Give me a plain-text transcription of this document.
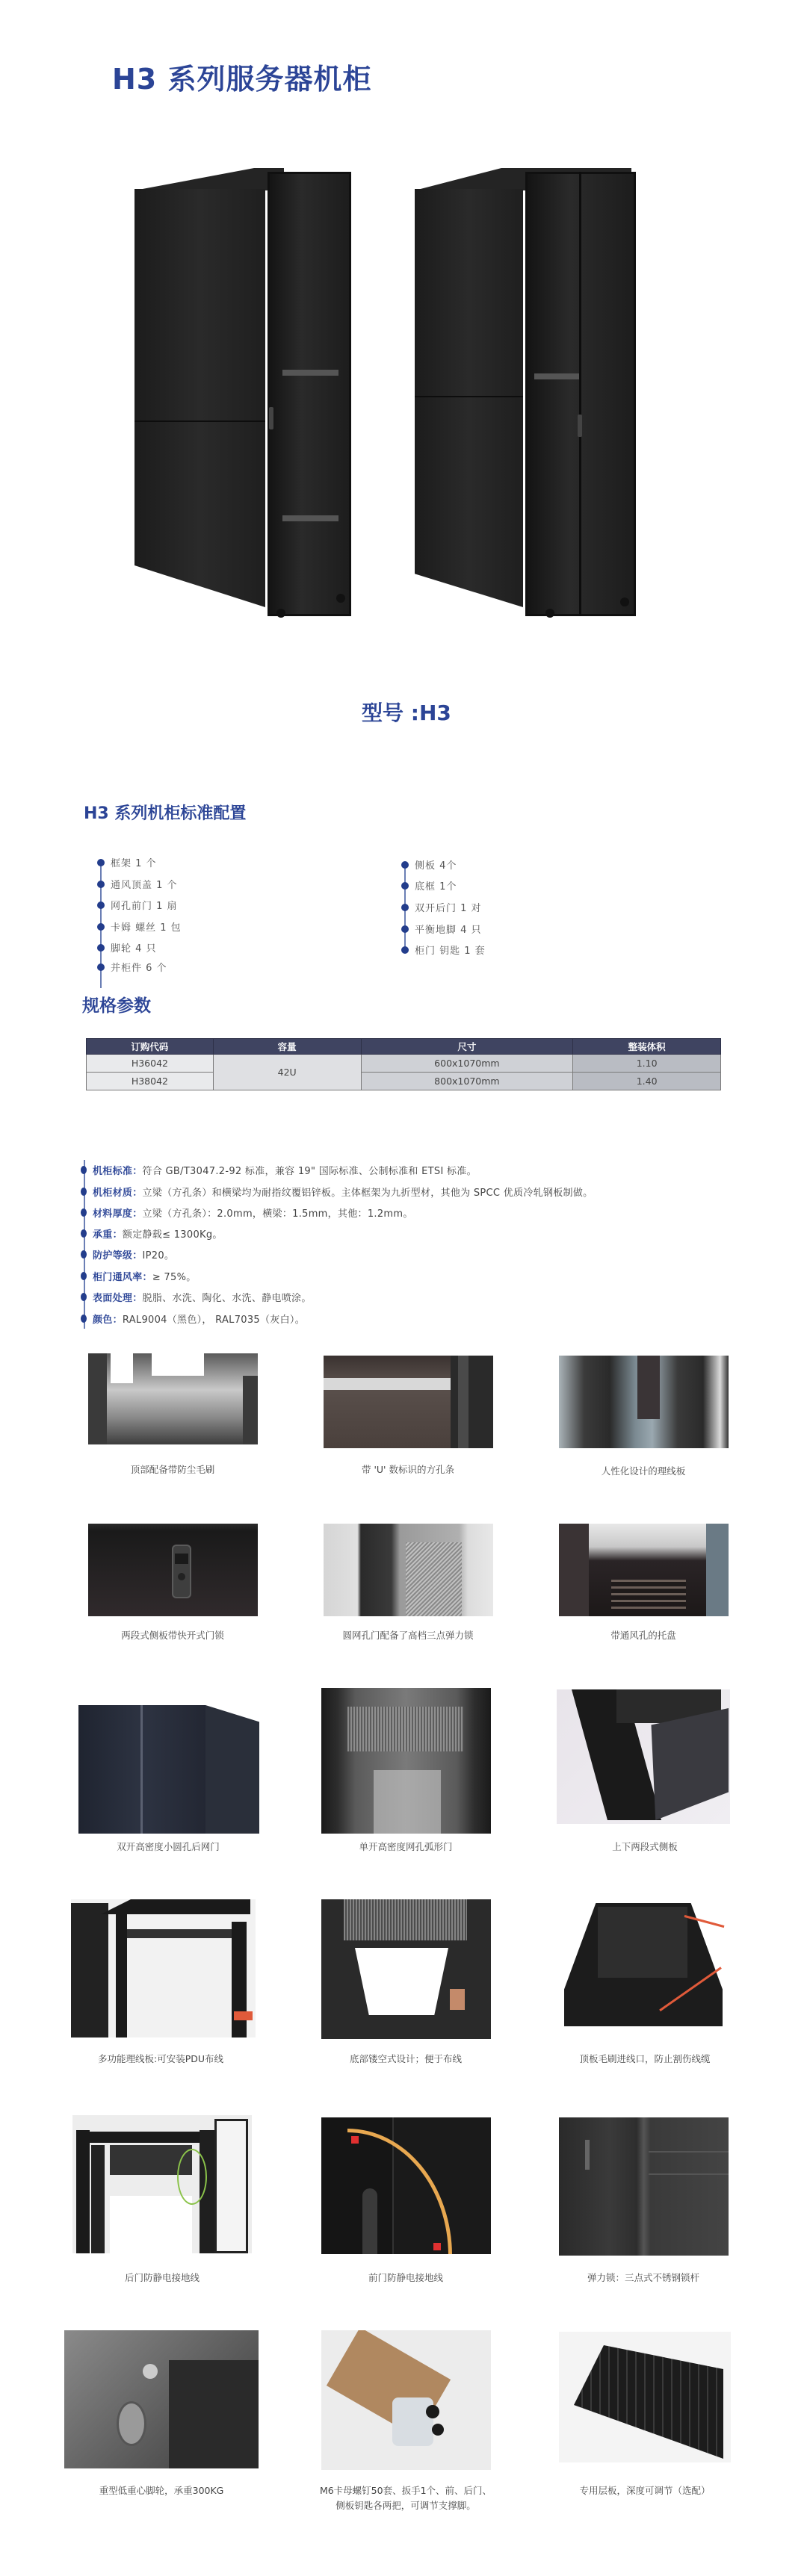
H3 系列服务器机柜
型号 :H3
H3 系列机柜标准配置
框架 1 个
通风顶盖 1 个
网孔前门 1 扇
卡姆 螺丝 1 包
脚轮 4 只
并柜件 6 个
侧板 4个
底框 1个
双开后门 1 对
平衡地脚 4 只
柜门 钥匙 1 套
规格参数
订购代码	容量	尺寸	整装体积
H36042	42U	600x1070mm	1.10
H38042		800x1070mm	1.40
机柜标准：符合 GB/T3047.2-92 标准，兼容 19" 国际标准、公制标准和 ETSI 标准。
机柜材质：立梁（方孔条）和横梁均为耐指纹覆铝锌板。主体框架为九折型材，其他为 SPCC 优质冷轧钢板制做。
材料厚度：立梁（方孔条）：2.0mm，横梁：1.5mm，其他：1.2mm。
承重：额定静载≤ 1300Kg。
防护等级：IP20。
柜门通风率：≥ 75%。
表面处理：脱脂、水洗、陶化、水洗、静电喷涂。
颜色：RAL9004（黑色）， RAL7035（灰白）。
顶部配备带防尘毛刷	带 'U' 数标识的方孔条	人性化设计的理线板
两段式侧板带快开式门锁	圆网孔门配备了高档三点弹力锁	带通风孔的托盘
双开高密度小圆孔后网门	单开高密度网孔弧形门	上下两段式侧板
多功能理线板:可安装PDU布线	底部镂空式设计；便于布线	顶板毛刷进线口，防止割伤线缆
后门防静电接地线	前门防静电接地线	弹力锁：三点式不锈钢锁杆
重型低重心脚轮，承重300KG	M6卡母螺钉50套、扳手1个、前、后门、
侧板钥匙各两把，可调节支撑脚。
专用层板，深度可调节（选配）
